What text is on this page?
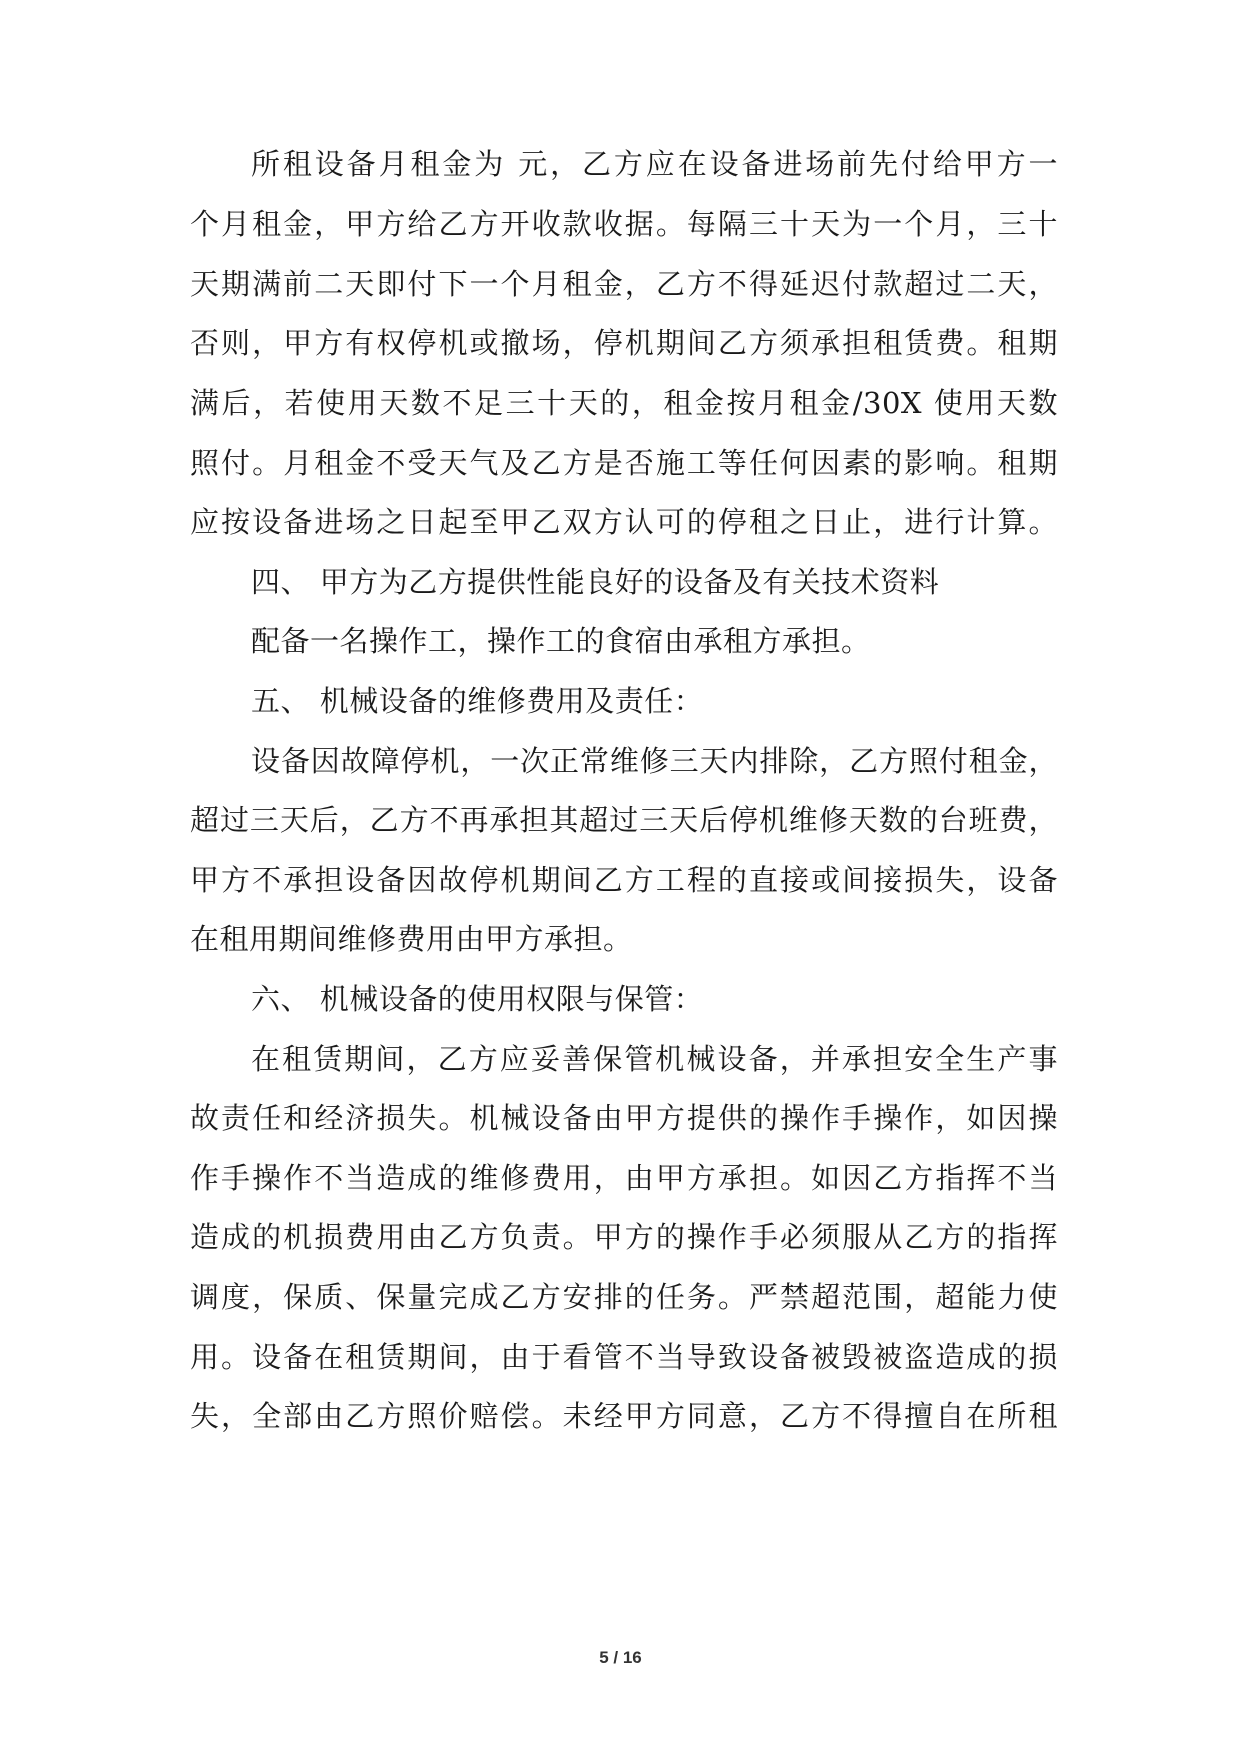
所租设备月租金为 元，乙方应在设备进场前先付给甲方一
个月租金，甲方给乙方开收款收据。每隔三十天为一个月，三十
天期满前二天即付下一个月租金，乙方不得延迟付款超过二天，
否则，甲方有权停机或撤场，停机期间乙方须承担租赁费。租期
满后，若使用天数不足三十天的，租金按月租金/30X 使用天数
照付。月租金不受天气及乙方是否施工等任何因素的影响。租期
应按设备进场之日起至甲乙双方认可的停租之日止，进行计算。
四、 甲方为乙方提供性能良好的设备及有关技术资料
配备一名操作工，操作工的食宿由承租方承担。
五、 机械设备的维修费用及责任：
设备因故障停机，一次正常维修三天内排除，乙方照付租金，
超过三天后，乙方不再承担其超过三天后停机维修天数的台班费，
甲方不承担设备因故停机期间乙方工程的直接或间接损失，设备
在租用期间维修费用由甲方承担。
六、 机械设备的使用权限与保管：
在租赁期间，乙方应妥善保管机械设备，并承担安全生产事
故责任和经济损失。机械设备由甲方提供的操作手操作，如因操
作手操作不当造成的维修费用，由甲方承担。如因乙方指挥不当
造成的机损费用由乙方负责。甲方的操作手必须服从乙方的指挥
调度，保质、保量完成乙方安排的任务。严禁超范围，超能力使
用。设备在租赁期间，由于看管不当导致设备被毁被盗造成的损
失，全部由乙方照价赔偿。未经甲方同意，乙方不得擅自在所租
5 / 16
